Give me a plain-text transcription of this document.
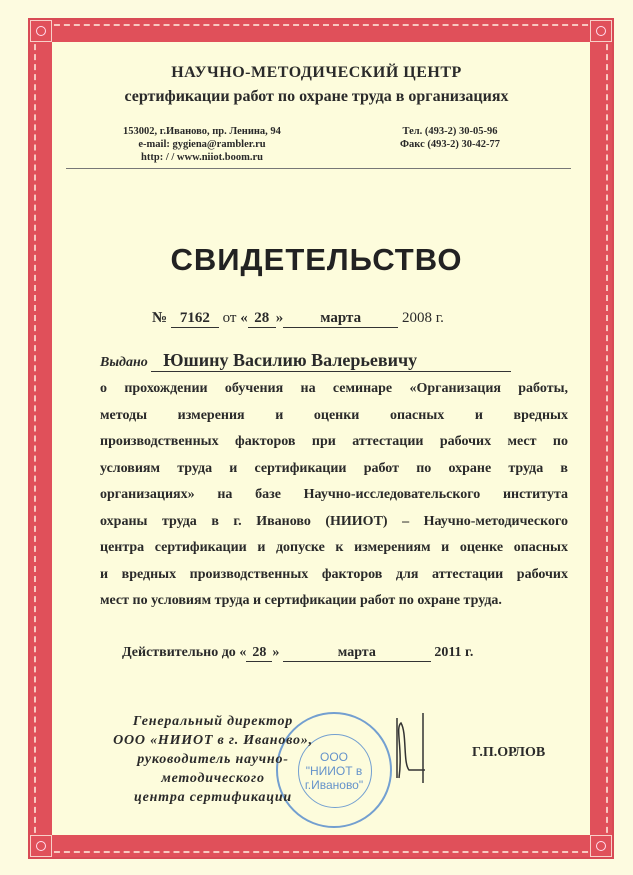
НАУЧНО-МЕТОДИЧЕСКИЙ ЦЕНТР
сертификации работ по охране труда в организациях
153002, г.Иваново, пр. Ленина, 94
e-mail: gygiena@rambler.ru
http: / / www.niiot.boom.ru
Тел. (493-2) 30-05-96
Факс (493-2) 30-42-77
СВИДЕТЕЛЬСТВО
№ 7162 от « 28 » марта	2008 г.
Выдано Юшину Василию Валерьевичу
о прохождении обучения на семинаре «Организация работы,
методы измерения и оценки опасных и вредных
производственных факторов при аттестации рабочих мест по
условиям труда и сертификации работ по охране труда в
организациях» на базе Научно-исследовательского института
охраны труда в г. Иваново (НИИОТ) – Научно-методического
центра сертификации и допуске к измерениям и оценке опасных
и вредных производственных факторов для аттестации рабочих
мест по условиям труда и сертификации работ по охране труда.
Действительно до « 28 »	марта	2011 г.
ООО
"НИИОТ в
г.Иваново"
Генеральный директор
ООО «НИИОТ в г. Иваново»,
руководитель научно-методического
центра сертификации
Г.П.ОРЛОВ
